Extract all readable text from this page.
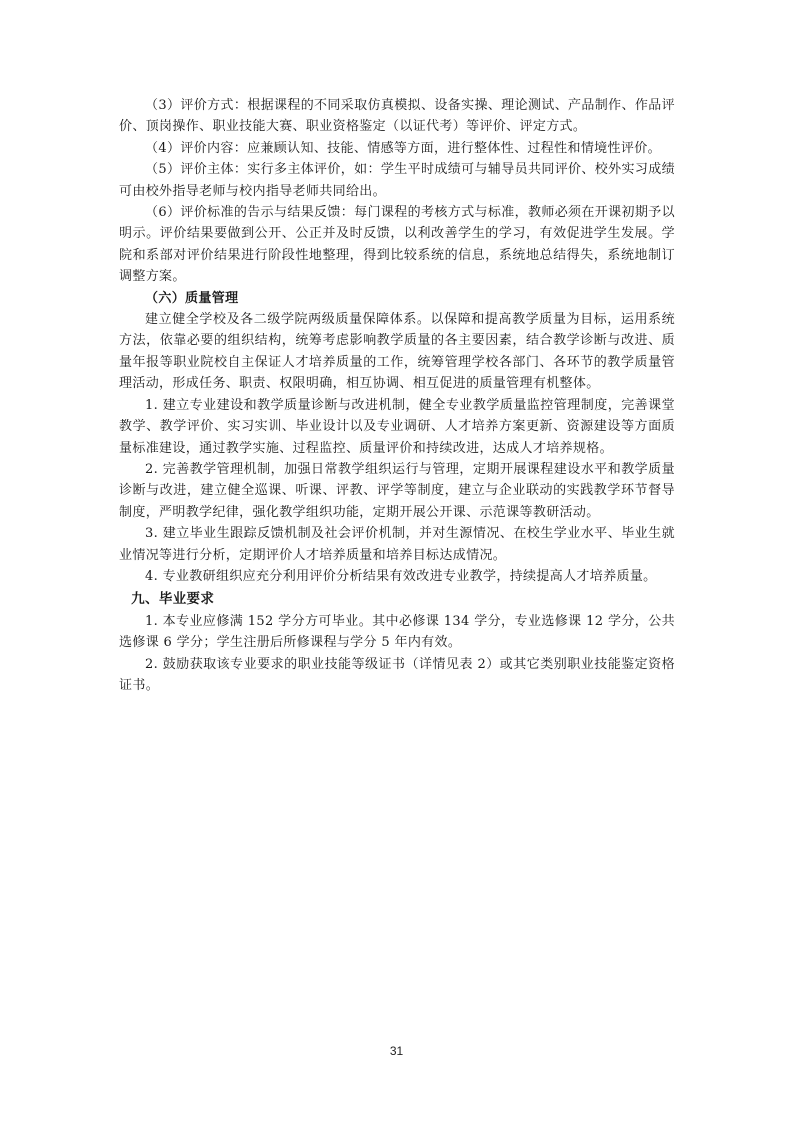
（3）评价方式：根据课程的不同采取仿真模拟、设备实操、理论测试、产品制作、作品评价、顶岗操作、职业技能大赛、职业资格鉴定（以证代考）等评价、评定方式。

（4）评价内容：应兼顾认知、技能、情感等方面，进行整体性、过程性和情境性评价。

（5）评价主体：实行多主体评价，如：学生平时成绩可与辅导员共同评价、校外实习成绩可由校外指导老师与校内指导老师共同给出。

（6）评价标准的告示与结果反馈：每门课程的考核方式与标准，教师必须在开课初期予以明示。评价结果要做到公开、公正并及时反馈，以利改善学生的学习，有效促进学生发展。学院和系部对评价结果进行阶段性地整理，得到比较系统的信息，系统地总结得失，系统地制订调整方案。

（六）质量管理

建立健全学校及各二级学院两级质量保障体系。以保障和提高教学质量为目标，运用系统方法，依靠必要的组织结构，统筹考虑影响教学质量的各主要因素，结合教学诊断与改进、质量年报等职业院校自主保证人才培养质量的工作，统筹管理学校各部门、各环节的教学质量管理活动，形成任务、职责、权限明确，相互协调、相互促进的质量管理有机整体。

1. 建立专业建设和教学质量诊断与改进机制，健全专业教学质量监控管理制度，完善课堂教学、教学评价、实习实训、毕业设计以及专业调研、人才培养方案更新、资源建设等方面质量标准建设，通过教学实施、过程监控、质量评价和持续改进，达成人才培养规格。

2. 完善教学管理机制，加强日常教学组织运行与管理，定期开展课程建设水平和教学质量诊断与改进，建立健全巡课、听课、评教、评学等制度，建立与企业联动的实践教学环节督导制度，严明教学纪律，强化教学组织功能，定期开展公开课、示范课等教研活动。

3. 建立毕业生跟踪反馈机制及社会评价机制，并对生源情况、在校生学业水平、毕业生就业情况等进行分析，定期评价人才培养质量和培养目标达成情况。

4. 专业教研组织应充分利用评价分析结果有效改进专业教学，持续提高人才培养质量。

九、毕业要求

1. 本专业应修满 152 学分方可毕业。其中必修课 134 学分，专业选修课 12 学分，公共选修课 6 学分；学生注册后所修课程与学分 5 年内有效。

2. 鼓励获取该专业要求的职业技能等级证书（详情见表 2）或其它类别职业技能鉴定资格证书。

31
